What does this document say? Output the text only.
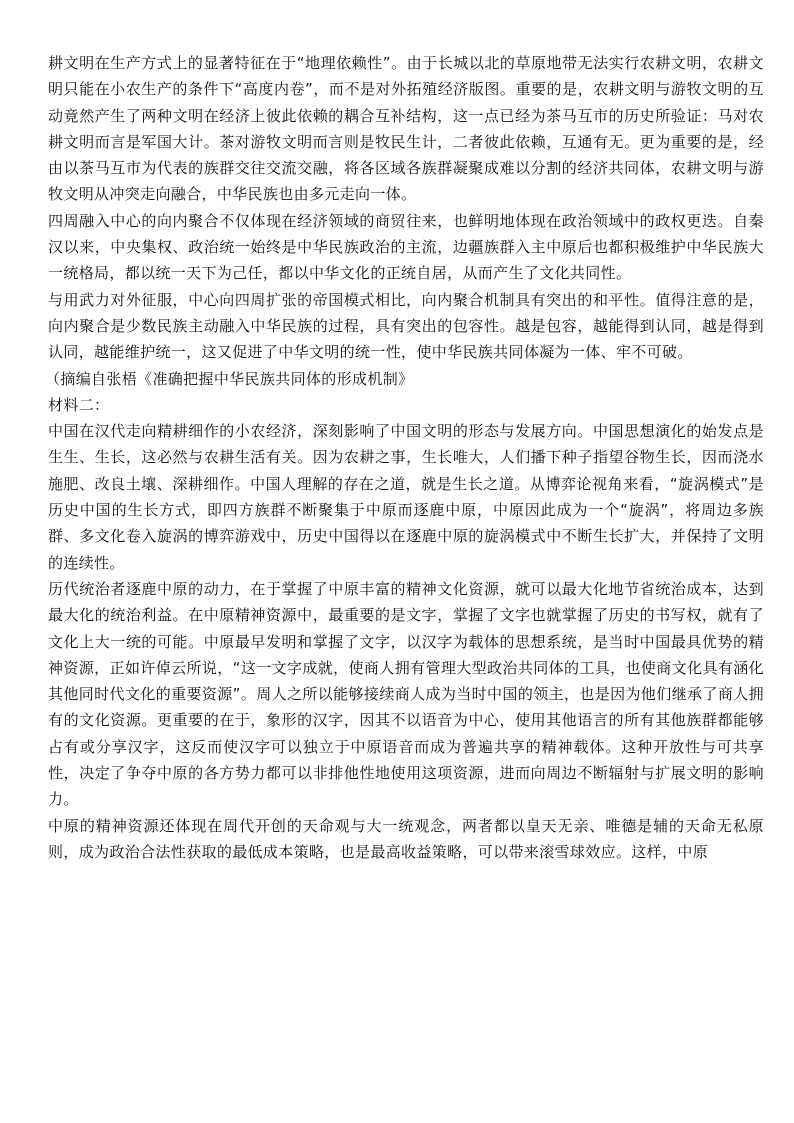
耕文明在生产方式上的显著特征在于“地理依赖性”。由于长城以北的草原地带无法实行农耕文明，农耕文明只能在小农生产的条件下“高度内卷”，而不是对外拓殖经济版图。重要的是，农耕文明与游牧文明的互动竟然产生了两种文明在经济上彼此依赖的耦合互补结构，这一点已经为茶马互市的历史所验证：马对农耕文明而言是军国大计。茶对游牧文明而言则是牧民生计，二者彼此依赖，互通有无。更为重要的是，经由以茶马互市为代表的族群交往交流交融，将各区域各族群凝聚成难以分割的经济共同体，农耕文明与游牧文明从冲突走向融合，中华民族也由多元走向一体。

四周融入中心的向内聚合不仅体现在经济领域的商贸往来，也鲜明地体现在政治领域中的政权更迭。自秦汉以来，中央集权、政治统一始终是中华民族政治的主流，边疆族群入主中原后也都积极维护中华民族大一统格局，都以统一天下为己任，都以中华文化的正统自居，从而产生了文化共同性。

与用武力对外征服，中心向四周扩张的帝国模式相比，向内聚合机制具有突出的和平性。值得注意的是，向内聚合是少数民族主动融入中华民族的过程，具有突出的包容性。越是包容，越能得到认同，越是得到认同，越能维护统一，这又促进了中华文明的统一性，使中华民族共同体凝为一体、牢不可破。

（摘编自张梧《准确把握中华民族共同体的形成机制》

材料二：

中国在汉代走向精耕细作的小农经济，深刻影响了中国文明的形态与发展方向。中国思想演化的始发点是生生、生长，这必然与农耕生活有关。因为农耕之事，生长唯大，人们播下种子指望谷物生长，因而浇水施肥、改良土壤、深耕细作。中国人理解的存在之道，就是生长之道。从博弈论视角来看，“旋涡模式”是历史中国的生长方式，即四方族群不断聚集于中原而逐鹿中原，中原因此成为一个“旋涡”，将周边多族群、多文化卷入旋涡的博弈游戏中，历史中国得以在逐鹿中原的旋涡模式中不断生长扩大，并保持了文明的连续性。

历代统治者逐鹿中原的动力，在于掌握了中原丰富的精神文化资源，就可以最大化地节省统治成本，达到最大化的统治利益。在中原精神资源中，最重要的是文字，掌握了文字也就掌握了历史的书写权，就有了文化上大一统的可能。中原最早发明和掌握了文字，以汉字为载体的思想系统，是当时中国最具优势的精神资源，正如许倬云所说，“这一文字成就，使商人拥有管理大型政治共同体的工具，也使商文化具有涵化其他同时代文化的重要资源”。周人之所以能够接续商人成为当时中国的领主，也是因为他们继承了商人拥有的文化资源。更重要的在于，象形的汉字，因其不以语音为中心，使用其他语言的所有其他族群都能够占有或分享汉字，这反而使汉字可以独立于中原语音而成为普遍共享的精神载体。这种开放性与可共享性，决定了争夺中原的各方势力都可以非排他性地使用这项资源，进而向周边不断辐射与扩展文明的影响力。

中原的精神资源还体现在周代开创的天命观与大一统观念，两者都以皇天无亲、唯德是辅的天命无私原则，成为政治合法性获取的最低成本策略，也是最高收益策略，可以带来滚雪球效应。这样，中原
